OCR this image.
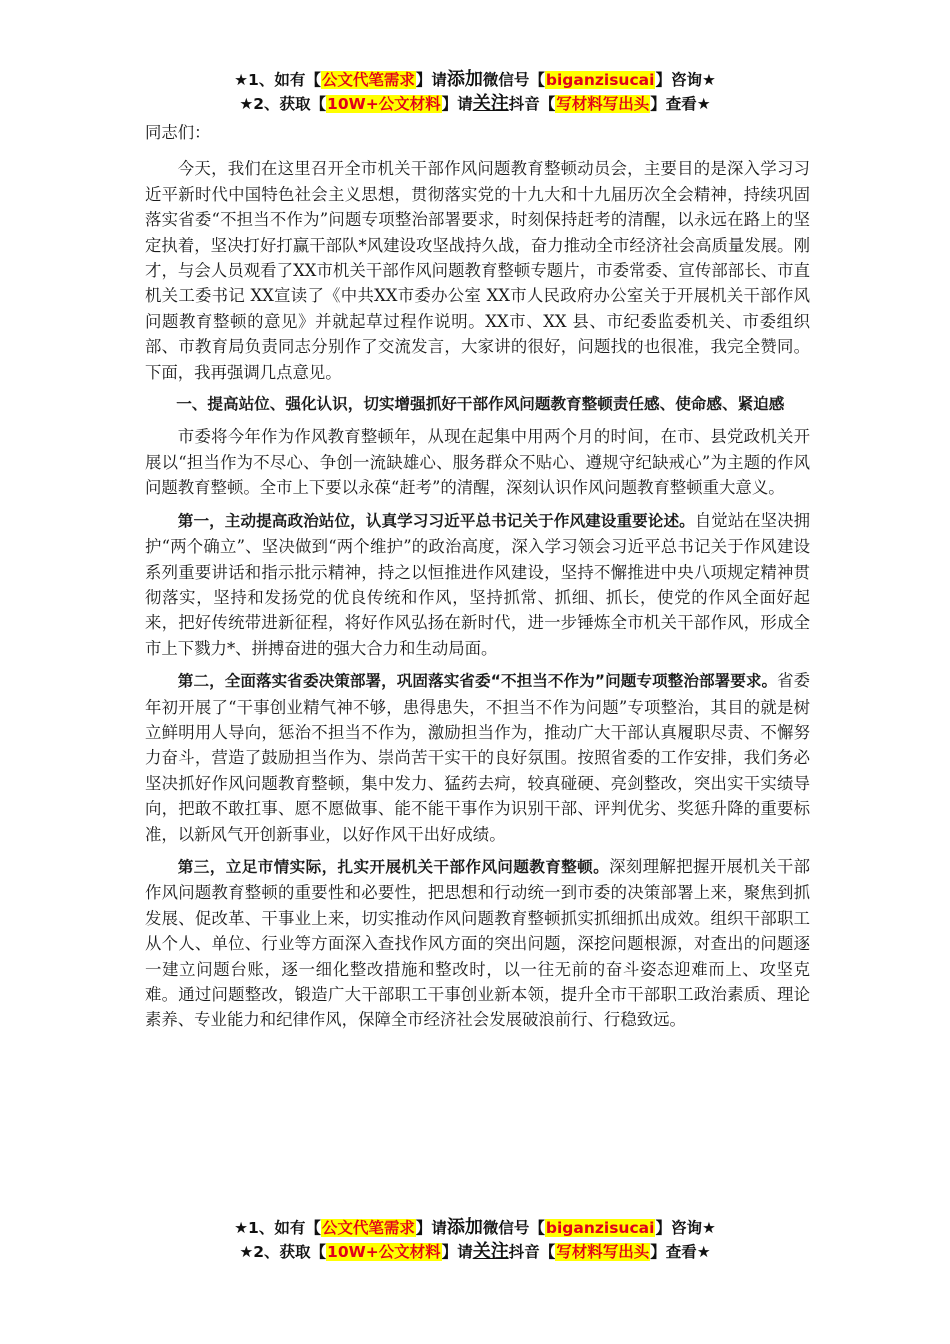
★1、如有【公文代笔需求】请添加微信号【biganzisucai】咨询★
★2、获取【10W+公文材料】请关注抖音【写材料写出头】查看★

同志们：

今天，我们在这里召开全市机关干部作风问题教育整顿动员会，主要目的是深入学习习近平新时代中国特色社会主义思想，贯彻落实党的十九大和十九届历次全会精神，持续巩固落实省委“不担当不作为”问题专项整治部署要求，时刻保持赶考的清醒，以永远在路上的坚定执着，坚决打好打赢干部队*风建设攻坚战持久战，奋力推动全市经济社会高质量发展。刚才，与会人员观看了XX市机关干部作风问题教育整顿专题片，市委常委、宣传部部长、市直机关工委书记 XX宣读了《中共XX市委办公室 XX市人民政府办公室关于开展机关干部作风问题教育整顿的意见》并就起草过程作说明。XX市、XX 县、市纪委监委机关、市委组织部、市教育局负责同志分别作了交流发言，大家讲的很好，问题找的也很准，我完全赞同。下面，我再强调几点意见。

一、提高站位、强化认识，切实增强抓好干部作风问题教育整顿责任感、使命感、紧迫感

市委将今年作为作风教育整顿年，从现在起集中用两个月的时间，在市、县党政机关开展以“担当作为不尽心、争创一流缺雄心、服务群众不贴心、遵规守纪缺戒心”为主题的作风问题教育整顿。全市上下要以永葆“赶考”的清醒，深刻认识作风问题教育整顿重大意义。

第一，主动提高政治站位，认真学习习近平总书记关于作风建设重要论述。自觉站在坚决拥护“两个确立”、坚决做到“两个维护”的政治高度，深入学习领会习近平总书记关于作风建设系列重要讲话和指示批示精神，持之以恒推进作风建设，坚持不懈推进中央八项规定精神贯彻落实，坚持和发扬党的优良传统和作风，坚持抓常、抓细、抓长，使党的作风全面好起来，把好传统带进新征程，将好作风弘扬在新时代，进一步锤炼全市机关干部作风，形成全市上下戮力*、拼搏奋进的强大合力和生动局面。

第二，全面落实省委决策部署，巩固落实省委“不担当不作为”问题专项整治部署要求。省委年初开展了“干事创业精气神不够，患得患失，不担当不作为问题”专项整治，其目的就是树立鲜明用人导向，惩治不担当不作为，激励担当作为，推动广大干部认真履职尽责、不懈努力奋斗，营造了鼓励担当作为、崇尚苦干实干的良好氛围。按照省委的工作安排，我们务必坚决抓好作风问题教育整顿，集中发力、猛药去疴，较真碰硬、亮剑整改，突出实干实绩导向，把敢不敢扛事、愿不愿做事、能不能干事作为识别干部、评判优劣、奖惩升降的重要标准，以新风气开创新事业，以好作风干出好成绩。

第三，立足市情实际，扎实开展机关干部作风问题教育整顿。深刻理解把握开展机关干部作风问题教育整顿的重要性和必要性，把思想和行动统一到市委的决策部署上来，聚焦到抓发展、促改革、干事业上来，切实推动作风问题教育整顿抓实抓细抓出成效。组织干部职工从个人、单位、行业等方面深入查找作风方面的突出问题，深挖问题根源，对查出的问题逐一建立问题台账，逐一细化整改措施和整改时，以一往无前的奋斗姿态迎难而上、攻坚克难。通过问题整改，锻造广大干部职工干事创业新本领，提升全市干部职工政治素质、理论素养、专业能力和纪律作风，保障全市经济社会发展破浪前行、行稳致远。

★1、如有【公文代笔需求】请添加微信号【biganzisucai】咨询★
★2、获取【10W+公文材料】请关注抖音【写材料写出头】查看★
